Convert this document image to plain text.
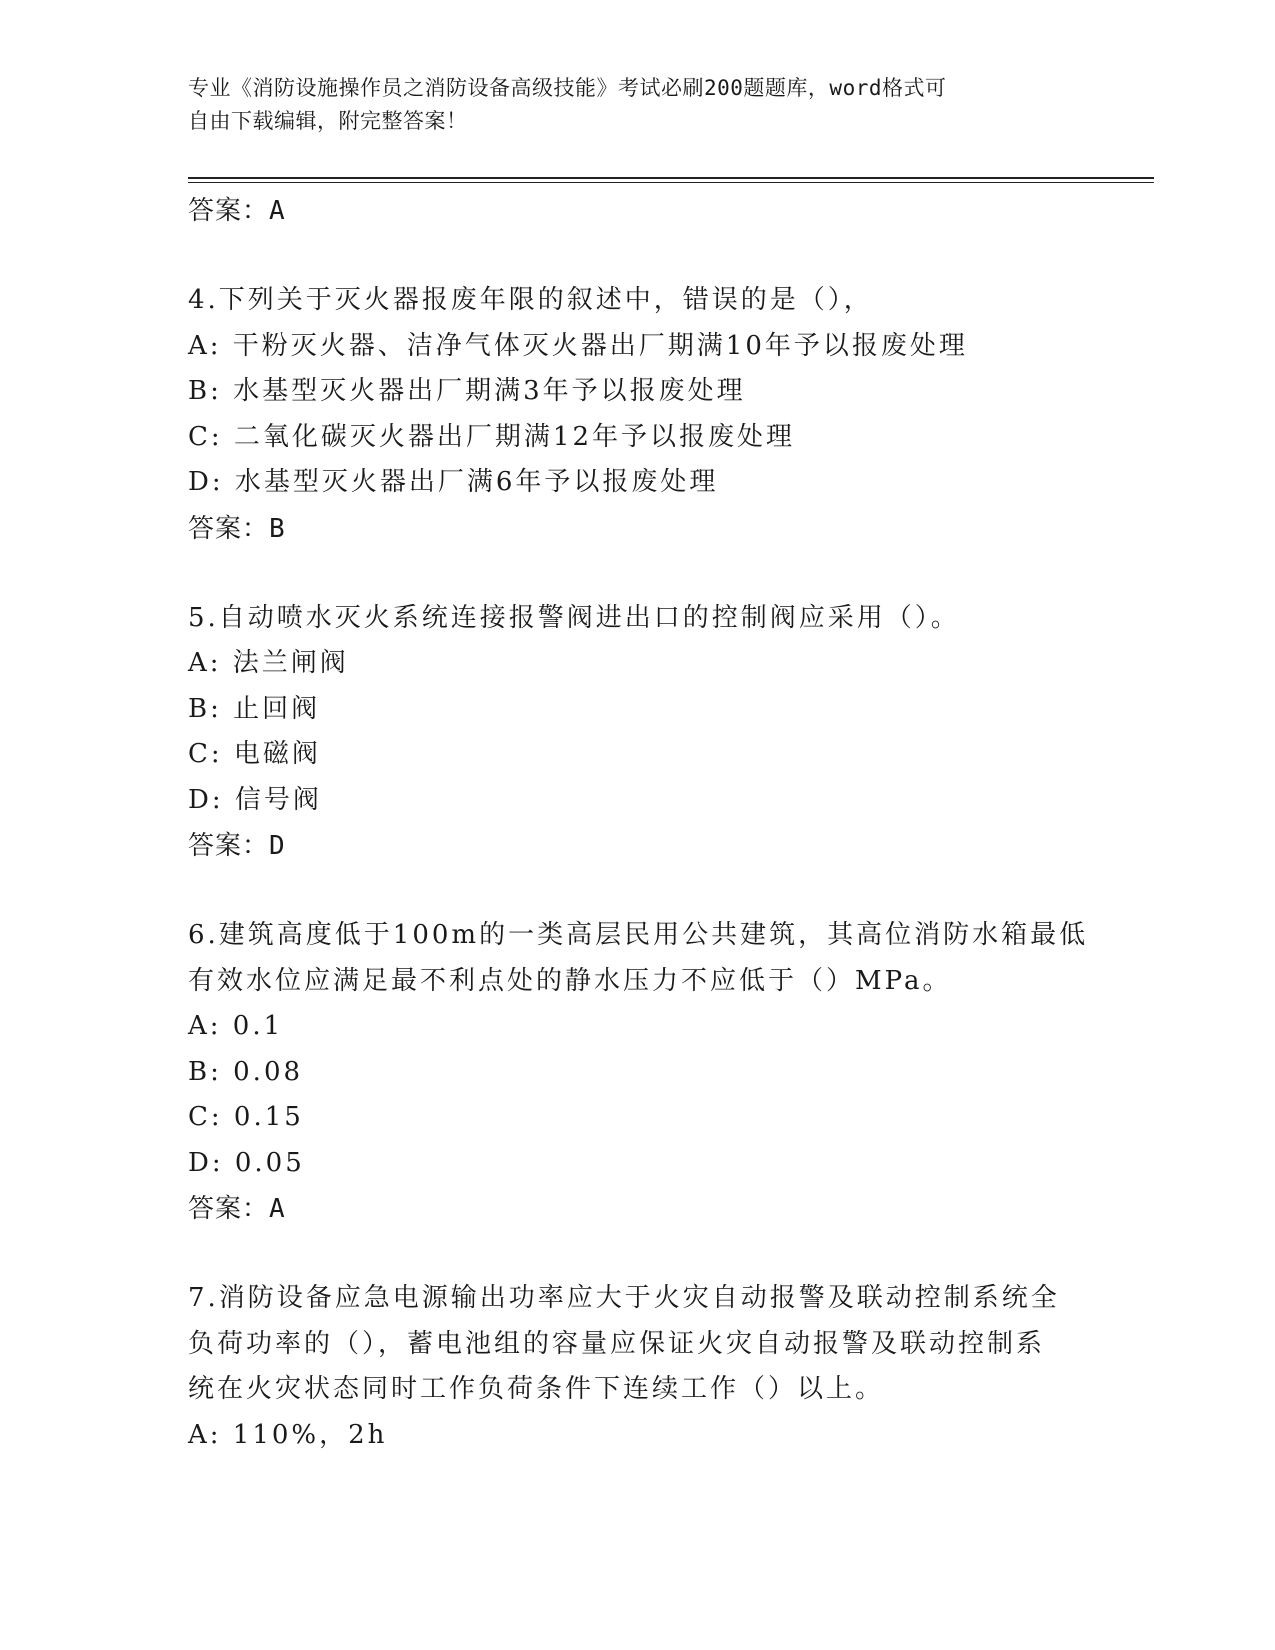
专业《消防设施操作员之消防设备高级技能》考试必刷200题题库，word格式可
自由下载编辑，附完整答案！
答案：A
4.下列关于灭火器报废年限的叙述中，错误的是（），
A: 干粉灭火器、洁净气体灭火器出厂期满10年予以报废处理
B: 水基型灭火器出厂期满3年予以报废处理
C: 二氧化碳灭火器出厂期满12年予以报废处理
D: 水基型灭火器出厂满6年予以报废处理
答案：B
5.自动喷水灭火系统连接报警阀进出口的控制阀应采用（）。
A: 法兰闸阀
B: 止回阀
C: 电磁阀
D: 信号阀
答案：D
6.建筑高度低于100m的一类高层民用公共建筑，其高位消防水箱最低
有效水位应满足最不利点处的静水压力不应低于（）MPa。
A: 0.1
B: 0.08
C: 0.15
D: 0.05
答案：A
7.消防设备应急电源输出功率应大于火灾自动报警及联动控制系统全
负荷功率的（），蓄电池组的容量应保证火灾自动报警及联动控制系
统在火灾状态同时工作负荷条件下连续工作（）以上。
A: 110%，2h
